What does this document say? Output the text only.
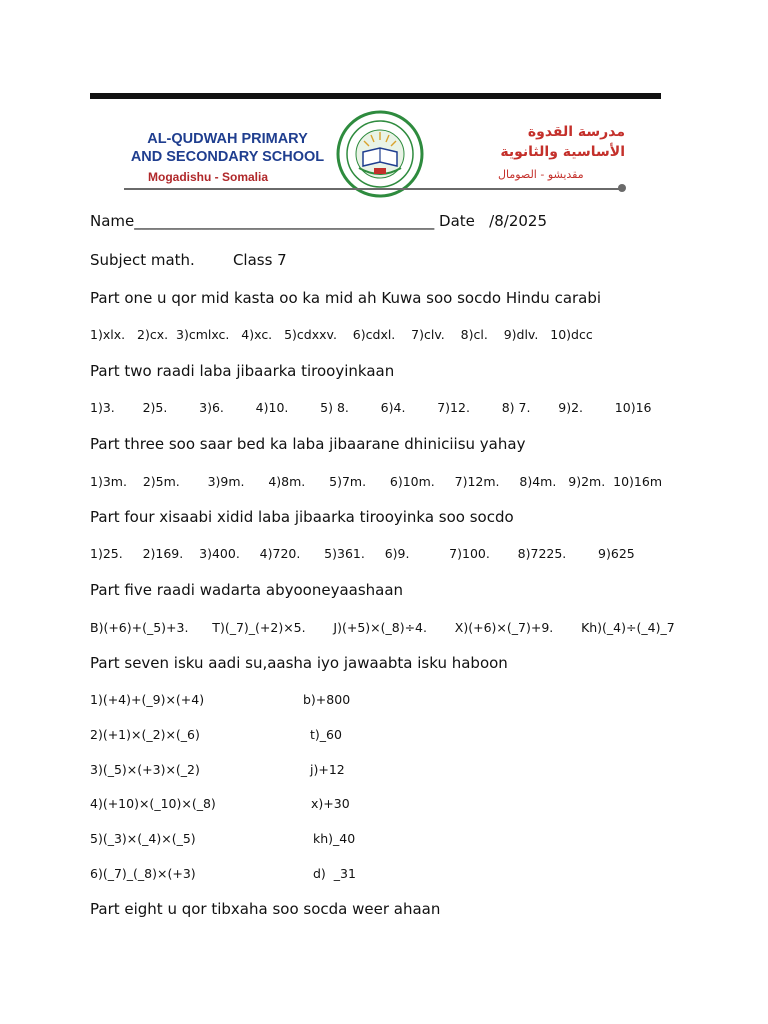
AL-QUDWAH PRIMARY
AND SECONDARY SCHOOL
Mogadishu - Somalia
مدرسة القدوة
الأساسية والثانوية
مقديشو - الصومال
Name________________________________________ Date   /8/2025
Subject math.        Class 7
Part one u qor mid kasta oo ka mid ah Kuwa soo socdo Hindu carabi
1)xlx.   2)cx.  3)cmlxc.   4)xc.   5)cdxxv.    6)cdxl.    7)clv.    8)cl.    9)dlv.   10)dcc
Part two raadi laba jibaarka tirooyinkaan
1)3.       2)5.        3)6.        4)10.        5) 8.        6)4.        7)12.        8) 7.       9)2.        10)16
Part three soo saar bed ka laba jibaarane dhiniciisu yahay
1)3m.    2)5m.       3)9m.      4)8m.      5)7m.      6)10m.     7)12m.     8)4m.   9)2m.  10)16m
Part four xisaabi xidid laba jibaarka tirooyinka soo socdo
1)25.     2)169.    3)400.     4)720.      5)361.     6)9.          7)100.       8)7225.        9)625
Part five raadi wadarta abyooneyaashaan
B)(+6)+(_5)+3.      T)(_7)_(+2)×5.       J)(+5)×(_8)÷4.       X)(+6)×(_7)+9.       Kh)(_4)÷(_4)_7
Part seven isku aadi su,aasha iyo jawaabta isku haboon
1)(+4)+(_9)×(+4)	b)+800
2)(+1)×(_2)×(_6)	t)_60
3)(_5)×(+3)×(_2)	j)+12
4)(+10)×(_10)×(_8)	x)+30
5)(_3)×(_4)×(_5)	kh)_40
6)(_7)_(_8)×(+3)	d)  _31
Part eight u qor tibxaha soo socda weer ahaan
